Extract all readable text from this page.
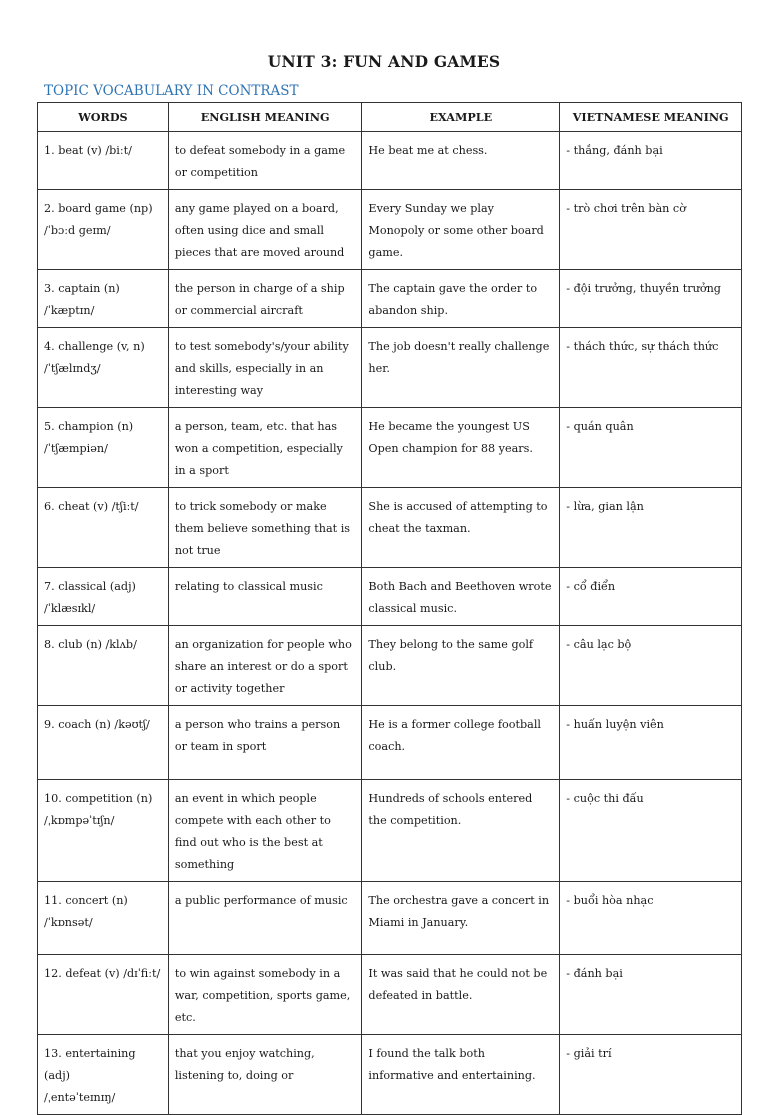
UNIT 3: FUN AND GAMES
TOPIC VOCABULARY IN CONTRAST
WORDS	ENGLISH MEANING	EXAMPLE	VIETNAMESE MEANING

1. beat (v) /biːt/	to defeat somebody in a game or competition	He beat me at chess.	- thắng, đánh bại

2. board game (np)
/ˈbɔːd ɡeɪm/	any game played on a board, often using dice and small pieces that are moved around	Every Sunday we play Monopoly or some other board game.	- trò chơi trên bàn cờ

3. captain (n)
/ˈkæptɪn/	the person in charge of a ship or commercial aircraft	The captain gave the order to abandon ship.	- đội trưởng, thuyền trưởng

4. challenge (v, n)
/ˈtʃælɪndʒ/	to test somebody's/your ability and skills, especially in an interesting way	The job doesn't really challenge her.	- thách thức, sự thách thức

5. champion (n)
/ˈtʃæmpiən/	a person, team, etc. that has won a competition, especially in a sport	He became the youngest US Open champion for 88 years.	- quán quân

6. cheat (v) /tʃiːt/	to trick somebody or make them believe something that is not true	She is accused of attempting to cheat the taxman.	- lừa, gian lận

7. classical (adj)
/ˈklæsɪkl/	relating to classical music	Both Bach and Beethoven wrote classical music.	- cổ điển

8. club (n) /klʌb/	an organization for people who share an interest or do a sport or activity together	They belong to the same golf club.	- câu lạc bộ

9. coach (n) /kəʊtʃ/	a person who trains a person or team in sport	He is a former college football coach.	- huấn luyện viên

10. competition (n)
/ˌkɒmpəˈtɪʃn/	an event in which people compete with each other to find out who is the best at something	Hundreds of schools entered the competition.	- cuộc thi đấu

11. concert (n)
/ˈkɒnsət/	a public performance of music	The orchestra gave a concert in Miami in January.	- buổi hòa nhạc

12. defeat (v) /dɪˈfiːt/	to win against somebody in a war, competition, sports game, etc.	It was said that he could not be defeated in battle.	- đánh bại

13. entertaining (adj)
/ˌentəˈteɪnɪŋ/	that you enjoy watching, listening to, doing or	I found the talk both informative and entertaining.	- giải trí
